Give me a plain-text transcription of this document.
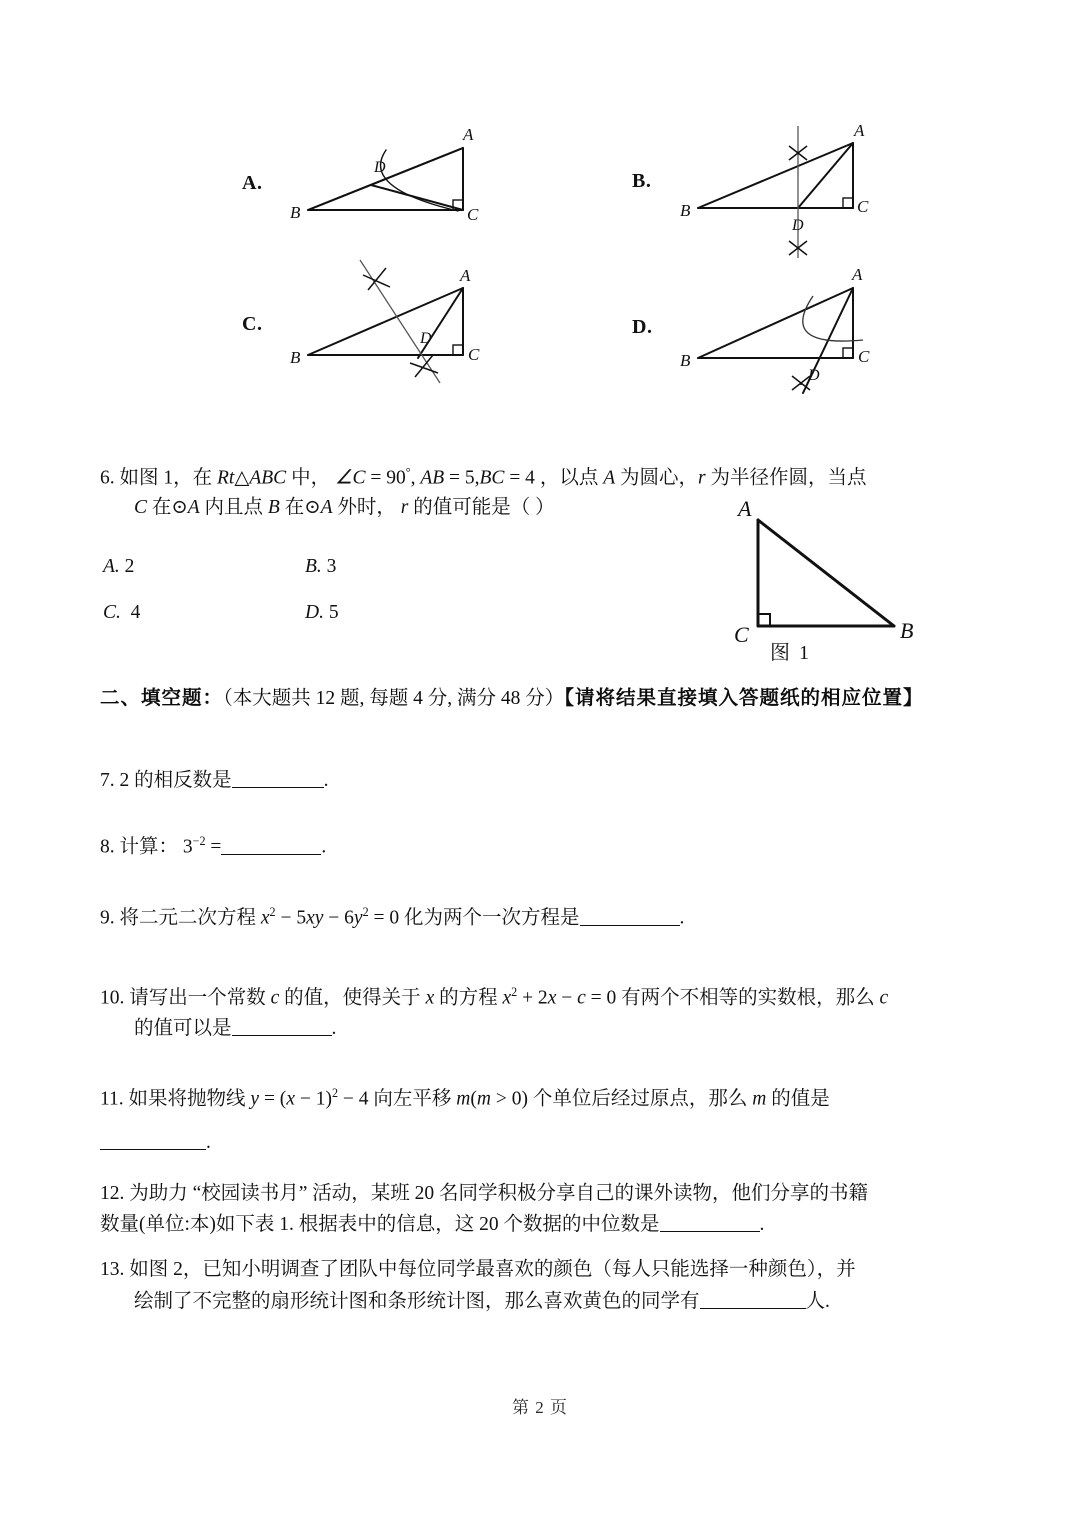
A.
A
B	C
D
B.
A
B	C
D
C.
A
B	C
D
D.
A
B	C
D
6. 如图 1，在 Rt△ABC 中， ∠C = 90°, AB = 5,BC = 4 ，以点 A 为圆心，r 为半径作圆，当点
C 在⊙A 内且点 B 在⊙A 外时， r 的值可能是（ ）
A. 2	B. 3
C. 4	D. 5
A
C	B
图 1
二、填空题：（本大题共 12 题, 每题 4 分, 满分 48 分）【请将结果直接填入答题纸的相应位置】
7. 2 的相反数是	.
8. 计算： $3^{-2}$ =	.
9. 将二元二次方程 $x^2 - 5xy - 6y^2 = 0$ 化为两个一次方程是	.
10. 请写出一个常数 c 的值，使得关于 x 的方程 $x^2 + 2x - c = 0$ 有两个不相等的实数根，那么 c
的值可以是	.
11. 如果将抛物线 $y = (x - 1)^2 - 4$ 向左平移 m(m > 0) 个单位后经过原点，那么 m 的值是
.
12. 为助力 “校园读书月” 活动，某班 20 名同学积极分享自己的课外读物，他们分享的书籍
数量(单位:本)如下表 1. 根据表中的信息，这 20 个数据的中位数是	.
13. 如图 2，已知小明调查了团队中每位同学最喜欢的颜色（每人只能选择一种颜色），并
绘制了不完整的扇形统计图和条形统计图，那么喜欢黄色的同学有	人.
第 2 页
